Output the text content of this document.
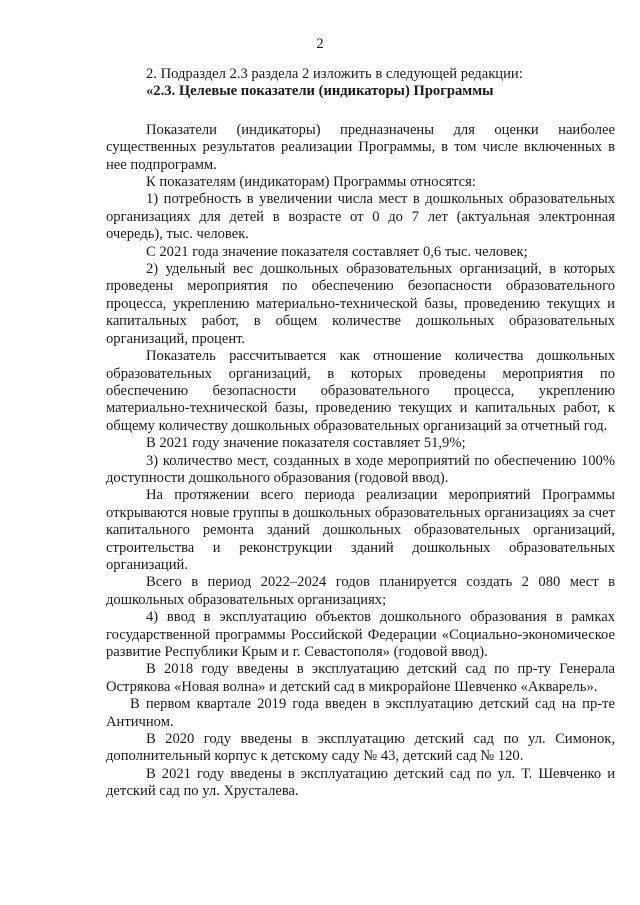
2

2. Подраздел 2.3 раздела 2 изложить в следующей редакции:

«2.3. Целевые показатели (индикаторы) Программы

Показатели (индикаторы) предназначены для оценки наиболее существенных результатов реализации Программы, в том числе включенных в нее подпрограмм.

К показателям (индикаторам) Программы относятся:

1) потребность в увеличении числа мест в дошкольных образовательных организациях для детей в возрасте от 0 до 7 лет (актуальная электронная очередь), тыс. человек.

С 2021 года значение показателя составляет 0,6 тыс. человек;

2) удельный вес дошкольных образовательных организаций, в которых проведены мероприятия по обеспечению безопасности образовательного процесса, укреплению материально-технической базы, проведению текущих и капитальных работ, в общем количестве дошкольных образовательных организаций, процент.

Показатель рассчитывается как отношение количества дошкольных образовательных организаций, в которых проведены мероприятия по обеспечению безопасности образовательного процесса, укреплению материально-технической базы, проведению текущих и капитальных работ, к общему количеству дошкольных образовательных организаций за отчетный год.

В 2021 году значение показателя составляет 51,9%;

3) количество мест, созданных в ходе мероприятий по обеспечению 100% доступности дошкольного образования (годовой ввод).

На протяжении всего периода реализации мероприятий Программы открываются новые группы в дошкольных образовательных организациях за счет капитального ремонта зданий дошкольных образовательных организаций, строительства и реконструкции зданий дошкольных образовательных организаций.

Всего в период 2022–2024 годов планируется создать 2 080 мест в дошкольных образовательных организациях;

4) ввод в эксплуатацию объектов дошкольного образования в рамках государственной программы Российской Федерации «Социально-экономическое развитие Республики Крым и г. Севастополя» (годовой ввод).

В 2018 году введены в эксплуатацию детский сад по пр-ту Генерала Острякова «Новая волна» и детский сад в микрорайоне Шевченко «Акварель».

В первом квартале 2019 года введен в эксплуатацию детский сад на пр-те Античном.

В 2020 году введены в эксплуатацию детский сад по ул. Симонок, дополнительный корпус к детскому саду № 43, детский сад № 120.

В 2021 году введены в эксплуатацию детский сад по ул. Т. Шевченко и детский сад по ул. Хрусталева.
